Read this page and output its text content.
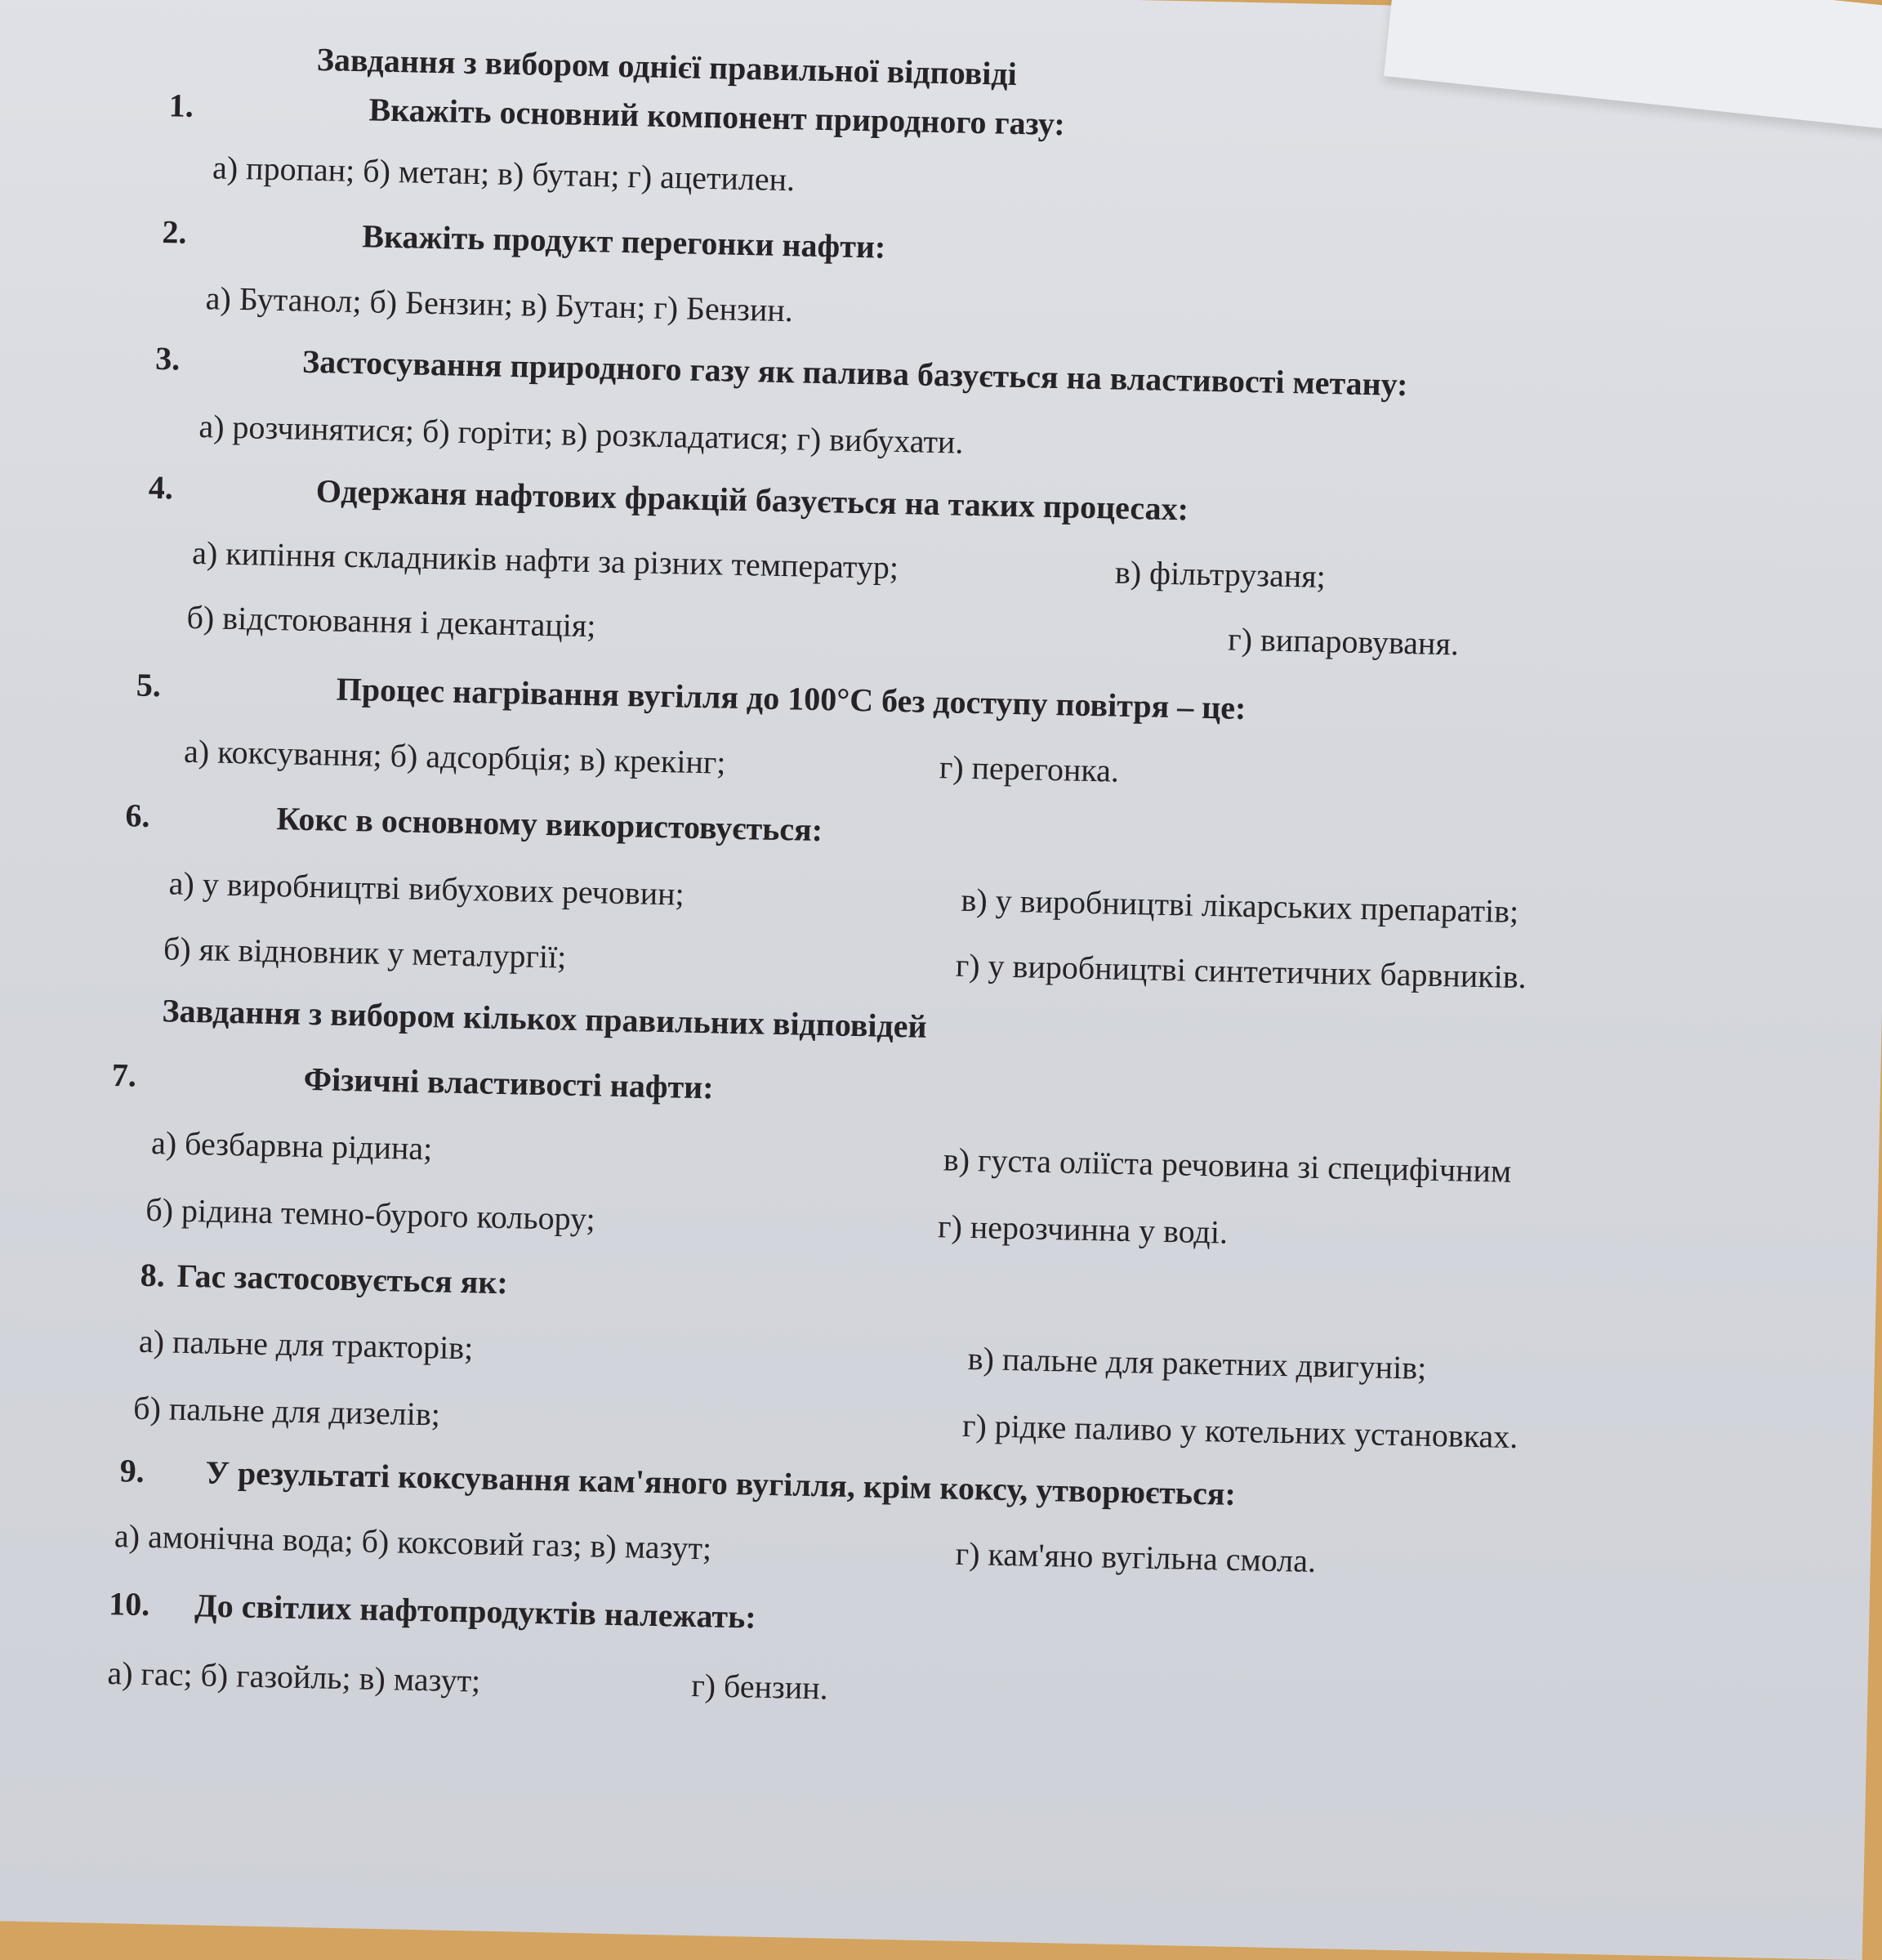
Завдання з вибором однієї правильної відповіді
1.	Вкажіть основний компонент природного газу:
а) пропан; б) метан; в) бутан; г) ацетилен.
2.	Вкажіть продукт перегонки нафти:
а) Бутанол; б) Бензин; в) Бутан; г) Бензин.
3.	Застосування природного газу як палива базується на властивості метану:
а) розчинятися; б) горіти; в) розкладатися; г) вибухати.
4.	Одержаня нафтових фракцій базується на таких процесах:
а) кипіння складників нафти за різних температур;	в) фільтрузаня;
б) відстоювання і декантація;	г) випаровуваня.
5.	Процес нагрівання вугілля до 100°С без доступу повітря – це:
а) коксування; б) адсорбція; в) крекінг;	г) перегонка.
6.	Кокс в основному використовується:
а) у виробництві вибухових речовин;	в) у виробництві лікарських препаратів;
б) як відновник у металургії;	г) у виробництві синтетичних барвників.
Завдання з вибором кількох правильних відповідей
7.	Фізичні властивості нафти:
а) безбарвна рідина;	в) густа оліїста речовина зі специфічним
б) рідина темно-бурого кольору;	г) нерозчинна у воді.
8. Гас застосовується як:
а) пальне для тракторів;	в) пальне для ракетних двигунів;
б) пальне для дизелів;	г) рідке паливо у котельних установках.
9. У результаті коксування кам'яного вугілля, крім коксу, утворюється:
а) амонічна вода; б) коксовий газ; в) мазут;	г) кам'яно вугільна смола.
10. До світлих нафтопродуктів належать:
а) гас; б) газойль; в) мазут;	г) бензин.
